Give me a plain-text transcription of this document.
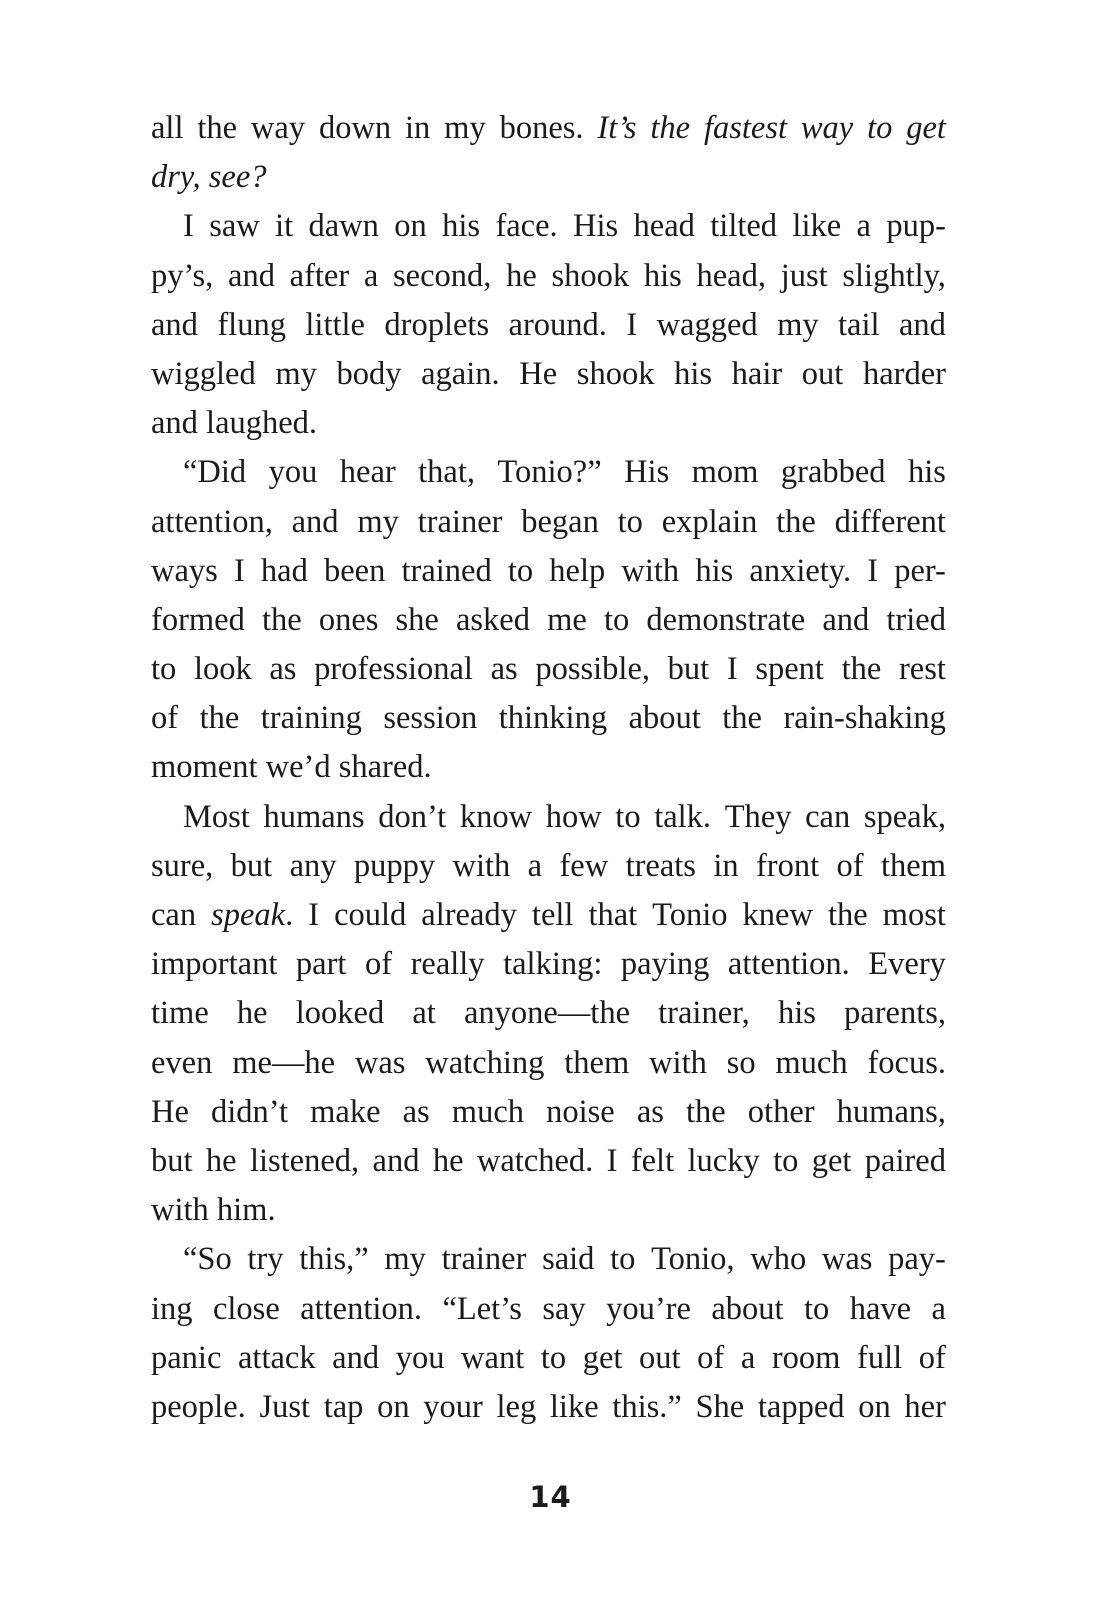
all the way down in my bones. It’s the fastest way to get
dry, see?
I saw it dawn on his face. His head tilted like a pup-
py’s, and after a second, he shook his head, just slightly,
and flung little droplets around. I wagged my tail and
wiggled my body again. He shook his hair out harder
and laughed.
“Did you hear that, Tonio?” His mom grabbed his
attention, and my trainer began to explain the different
ways I had been trained to help with his anxiety. I per-
formed the ones she asked me to demonstrate and tried
to look as professional as possible, but I spent the rest
of the training session thinking about the rain-shaking
moment we’d shared.
Most humans don’t know how to talk. They can speak,
sure, but any puppy with a few treats in front of them
can speak. I could already tell that Tonio knew the most
important part of really talking: paying attention. Every
time he looked at anyone—the trainer, his parents,
even me—he was watching them with so much focus.
He didn’t make as much noise as the other humans,
but he listened, and he watched. I felt lucky to get paired
with him.
“So try this,” my trainer said to Tonio, who was pay-
ing close attention. “Let’s say you’re about to have a
panic attack and you want to get out of a room full of
people. Just tap on your leg like this.” She tapped on her
14
